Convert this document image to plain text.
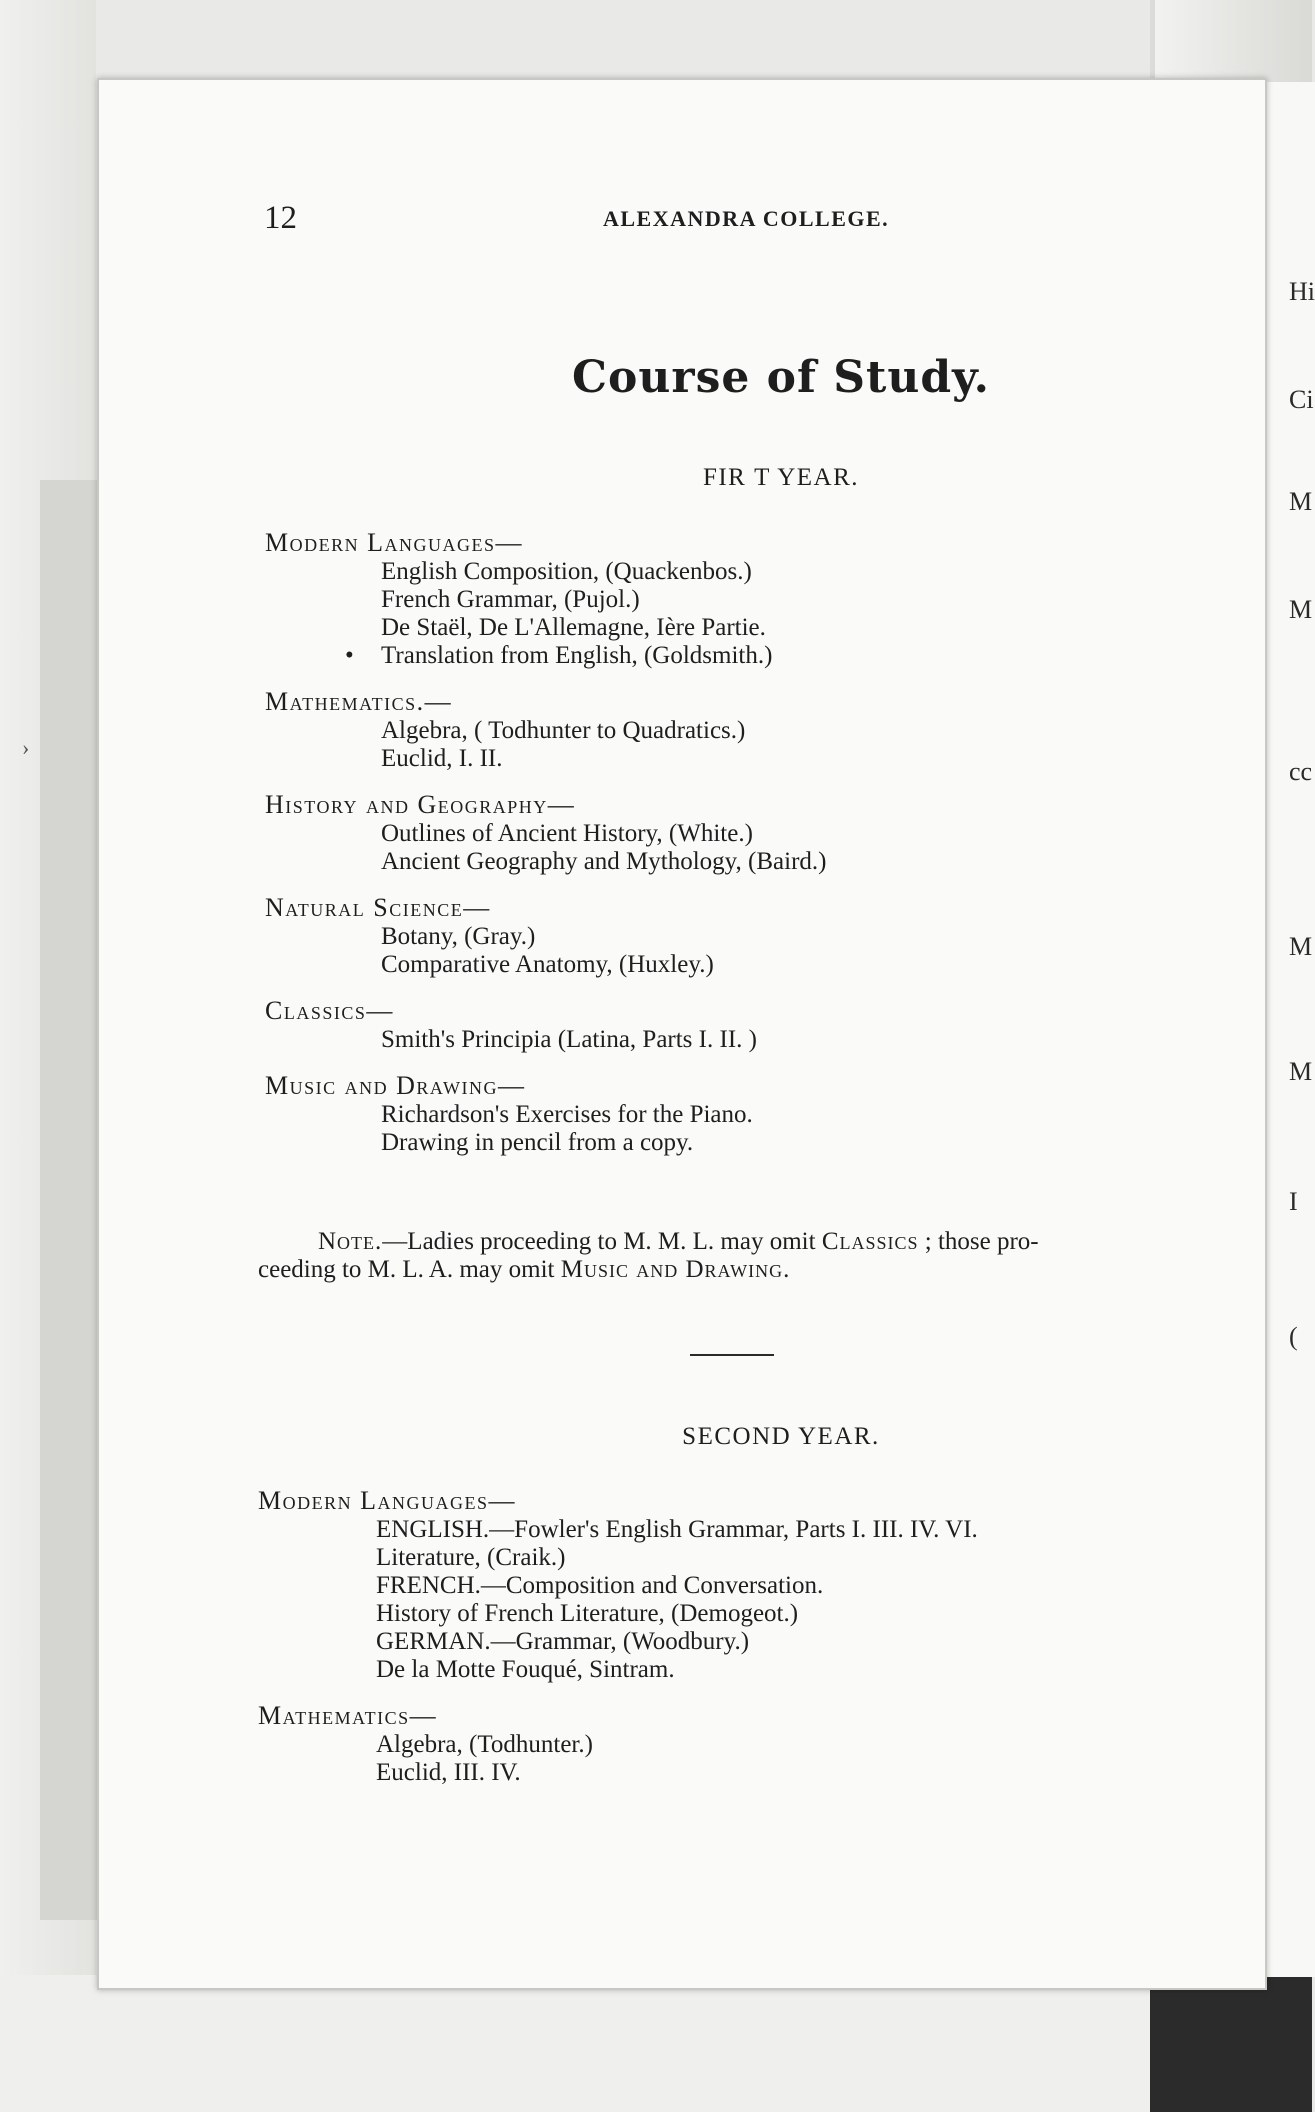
›
Hi
Ci
M
M
cc
M
M
I
(
12	ALEXANDRA COLLEGE.
Course of Study.
FIR T YEAR.
Modern Languages—
English Composition, (Quackenbos.)
French Grammar, (Pujol.)
De Staël, De L'Allemagne, Ière Partie.
• Translation from English, (Goldsmith.)
Mathematics.—
Algebra, ( Todhunter to Quadratics.)
Euclid, I. II.
History and Geography—
Outlines of Ancient History, (White.)
Ancient Geography and Mythology, (Baird.)
Natural Science—
Botany, (Gray.)
Comparative Anatomy, (Huxley.)
Classics—
Smith's Principia (Latina, Parts I. II. )
Music and Drawing—
Richardson's Exercises for the Piano.
Drawing in pencil from a copy.
Note.—Ladies proceeding to M. M. L. may omit Classics ; those pro-
ceeding to M. L. A. may omit Music and Drawing.
SECOND YEAR.
Modern Languages—
ENGLISH.—Fowler's English Grammar, Parts I. III. IV. VI.
Literature, (Craik.)
FRENCH.—Composition and Conversation.
History of French Literature, (Demogeot.)
GERMAN.—Grammar, (Woodbury.)
De la Motte Fouqué, Sintram.
Mathematics—
Algebra, (Todhunter.)
Euclid, III. IV.
